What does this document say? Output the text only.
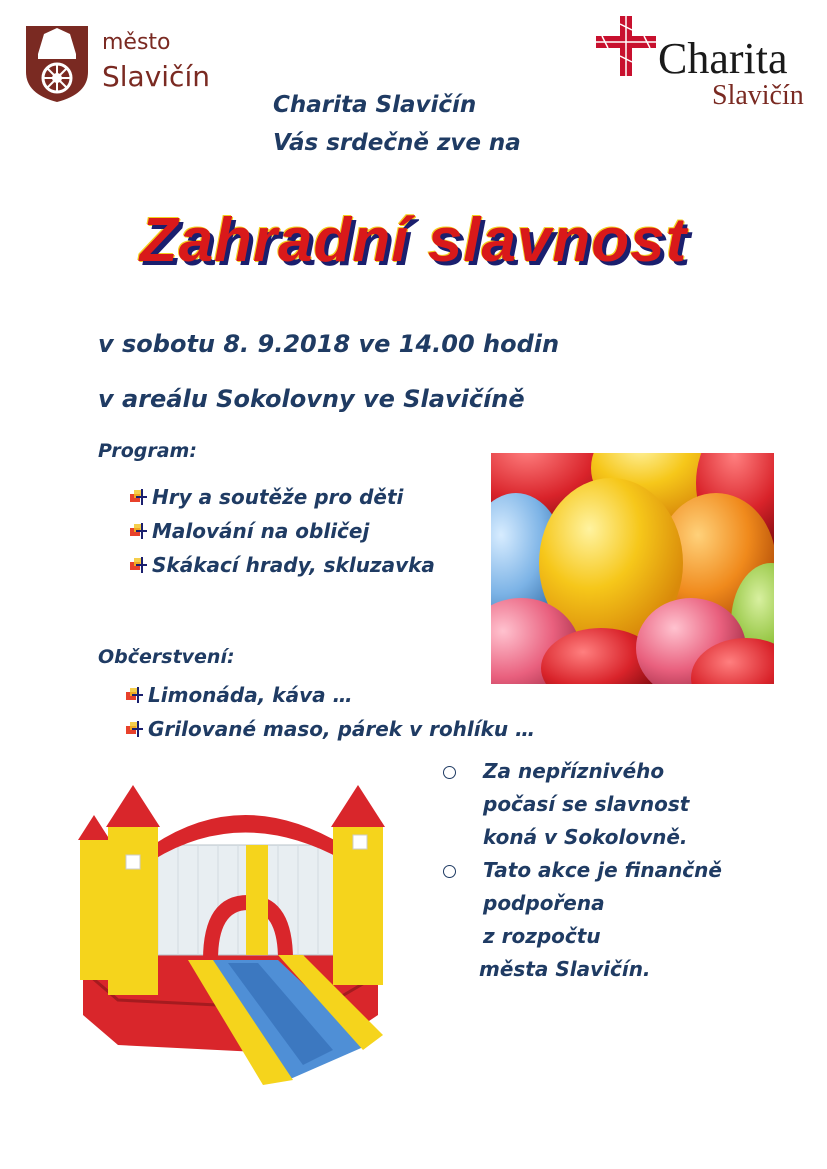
město
Slavičín	Charita
Slavičín
Charita Slavičín
Vás srdečně zve na
Zahradní slavnost
v sobotu 8. 9.2018 ve 14.00 hodin
v areálu Sokolovny ve Slavičíně
Program:
Hry a soutěže pro děti
Malování na obličej
Skákací hrady, skluzavka
Občerstvení:
Limonáda, káva …
Grilované maso, párek v rohlíku …
Za nepříznivého
počasí se slavnost
koná v Sokolovně.
Tato akce je finančně
podpořena
z rozpočtu
města Slavičín.
